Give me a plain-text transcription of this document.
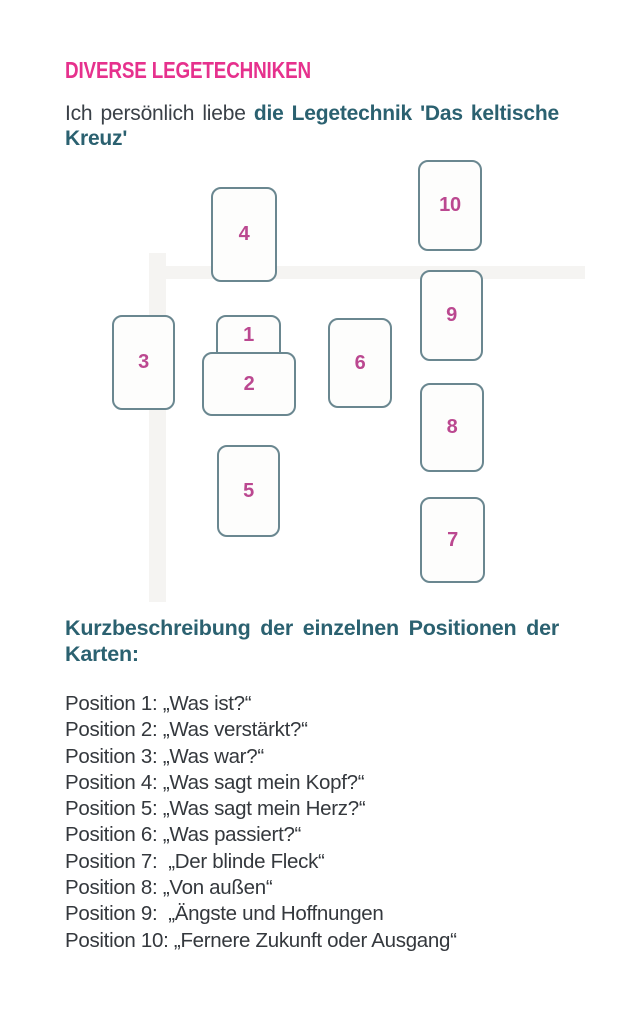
DIVERSE LEGETECHNIKEN
Ich persönlich liebe die Legetechnik 'Das keltische
Kreuz'
1
2
3
4
5
6
7
8
9
10
Kurzbeschreibung der einzelnen Positionen der
Karten:
Position 1: „Was ist?“
Position 2: „Was verstärkt?“
Position 3: „Was war?“
Position 4: „Was sagt mein Kopf?“
Position 5: „Was sagt mein Herz?“
Position 6: „Was passiert?“
Position 7:  „Der blinde Fleck“
Position 8: „Von außen“
Position 9:  „Ängste und Hoffnungen
Position 10: „Fernere Zukunft oder Ausgang“
